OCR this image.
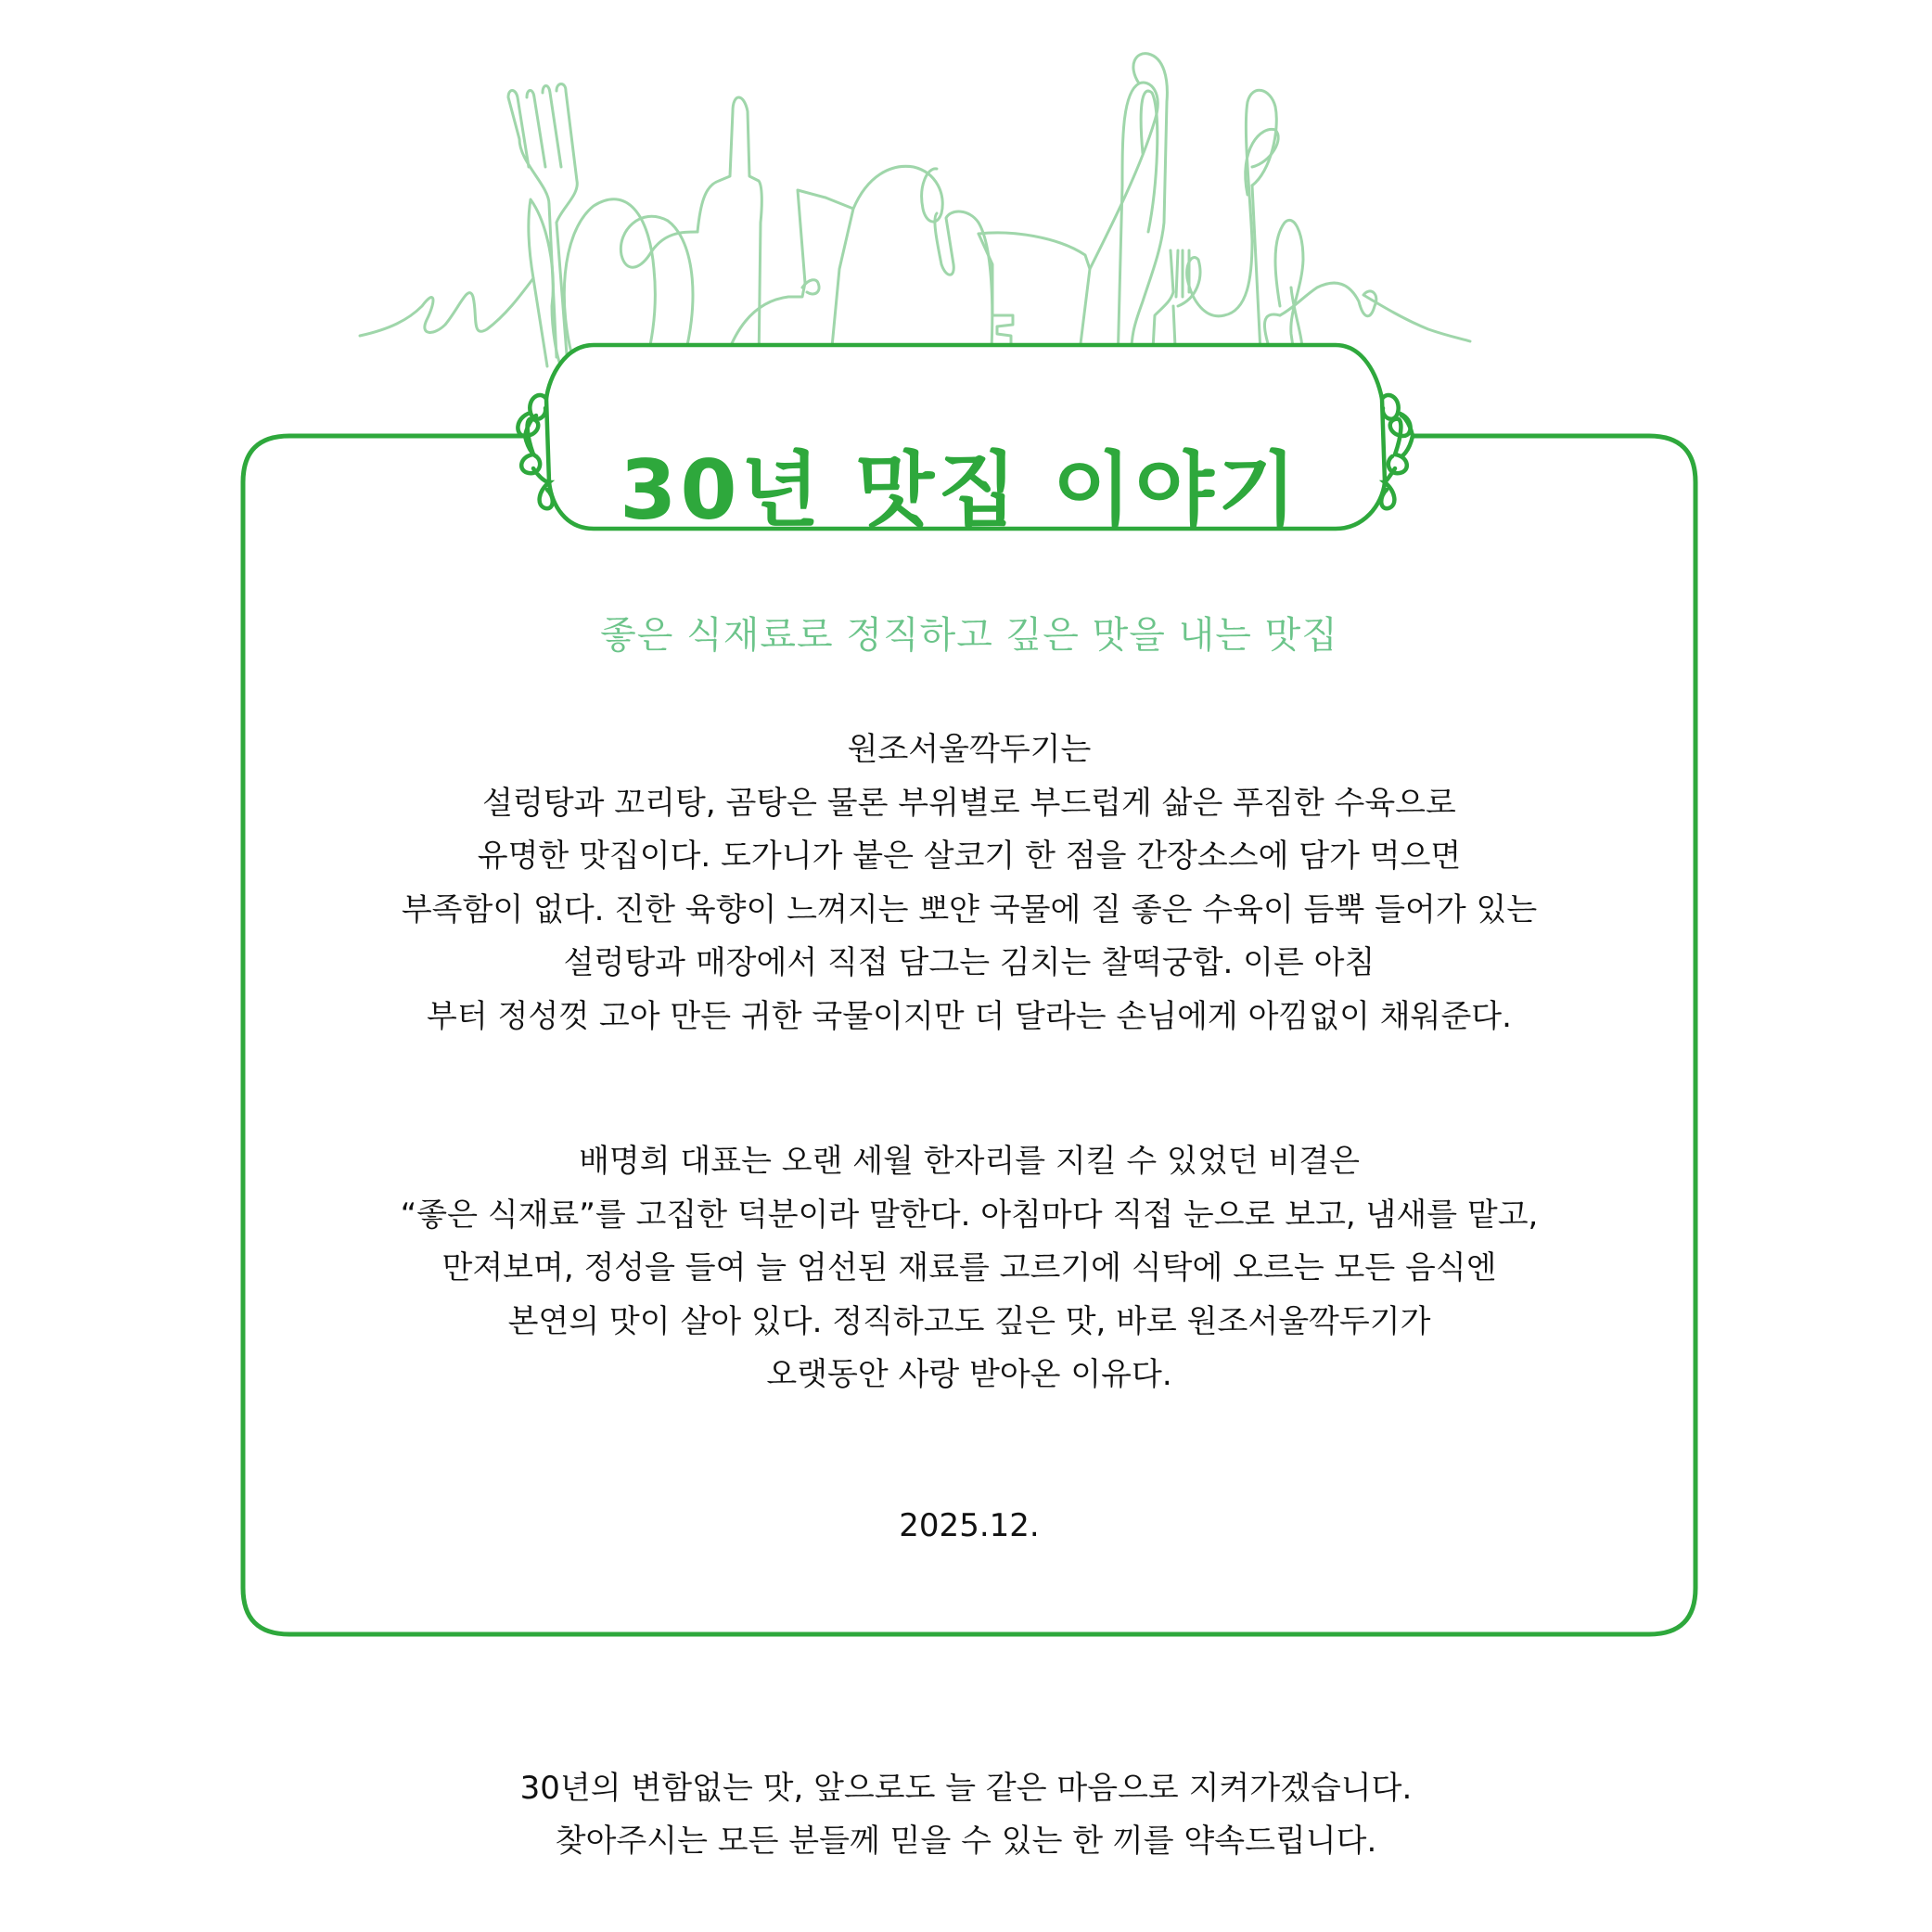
30년 맛집 이야기
좋은 식재료로 정직하고 깊은 맛을 내는 맛집
원조서울깍두기는
설렁탕과 꼬리탕, 곰탕은 물론 부위별로 부드럽게 삶은 푸짐한 수육으로
유명한 맛집이다. 도가니가 붙은 살코기 한 점을 간장소스에 담가 먹으면
부족함이 없다. 진한 육향이 느껴지는 뽀얀 국물에 질 좋은 수육이 듬뿍 들어가 있는
설렁탕과 매장에서 직접 담그는 김치는 찰떡궁합. 이른 아침
부터 정성껏 고아 만든 귀한 국물이지만 더 달라는 손님에게 아낌없이 채워준다.
배명희 대표는 오랜 세월 한자리를 지킬 수 있었던 비결은
“좋은 식재료”를 고집한 덕분이라 말한다. 아침마다 직접 눈으로 보고, 냄새를 맡고,
만져보며, 정성을 들여 늘 엄선된 재료를 고르기에 식탁에 오르는 모든 음식엔
본연의 맛이 살아 있다. 정직하고도 깊은 맛, 바로 원조서울깍두기가
오랫동안 사랑 받아온 이유다.
2025.12.
30년의 변함없는 맛, 앞으로도 늘 같은 마음으로 지켜가겠습니다.
찾아주시는 모든 분들께 믿을 수 있는 한 끼를 약속드립니다.
